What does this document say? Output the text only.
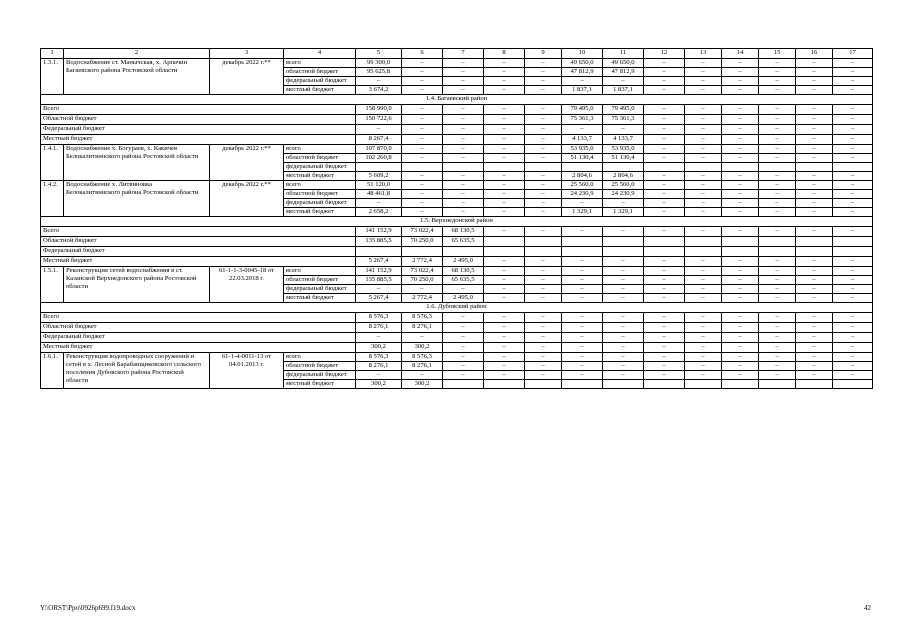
1	2	3	4	5	6	7	8	9	10	11	12	13	14	15	16	17
1.3.1.	Водоснабжение ст. Манычская, х. Арпачин Багаевского района Ростовской области	декабрь 2022 г.**	всего	99 300,0	–	–	–	–	49 650,0	49 650,0	–	–	–	–	–	–
			областной бюджет	95 625,8	–	–	–	–	47 812,9	47 812,9	–	–	–	–	–	–
			федеральный бюджет	–	–	–	–	–	–	–	–	–	–	–	–	–
			местный бюджет	3 674,2	–	–	–	–	1 837,1	1 837,1	–	–	–	–	–	–
1.4. Багаевский район																
Всего				158 990,0	–	–	–	–	79 495,0	79 495,0	–	–	–	–	–	–
Областной бюджет				150 722,6	–	–	–	–	75 361,3	75 361,3	–	–	–	–	–	–
Федеральный бюджет				–	–	–	–	–	–	–	–	–	–	–	–	–
Местный бюджет				8 267,4	–	–	–	–	4 133,7	4 133,7	–	–	–	–	–	–
1.4.1.	Водоснабжение х. Богураев, х. Какичев Белокалитвинского района Ростовской области	декабрь 2022 г.**	всего	107 870,0	–	–	–	–	53 935,0	53 935,0	–	–	–	–	–	–
			областной бюджет	102 260,8	–	–	–	–	51 130,4	51 130,4	–	–	–	–	–	–
			федеральный бюджет													
			местный бюджет	5 609,2	–	–	–	–	2 804,6	2 804,6	–	–	–	–	–	–
1.4.2.	Водоснабжение х. Литвиновка Белокалитвинского района Ростовской области	декабрь 2022 г.**	всего	51 120,0	–	–	–	–	25 560,0	25 560,0	–	–	–	–	–	–
			областной бюджет	48 461,8	–	–	–	–	24 230,9	24 230,9	–	–	–	–	–	–
			федеральный бюджет	–	–	–	–	–	–	–	–	–	–	–	–	–
			местный бюджет	2 658,2	–	–	–	–	1 329,1	1 329,1	–	–	–	–	–	–
1.5. Верхнедонской район																
Всего				141 152,9	73 022,4	68 130,5	–	–	–	–	–	–	–	–	–	–
Областной бюджет				135 885,5	70 250,0	65 635,5										
Федеральный бюджет																
Местный бюджет				5 267,4	2 772,4	2 495,0	–	–	–	–	–	–	–	–	–	–
1.5.1.	Реконструкция сетей водоснабжения в ст. Казанской Верхнедонского района Ростовской области	61-1-1-3-0045-18 от 22.03.2018 г.	всего	141 152,9	73 022,4	68 130,5	–	–	–	–	–	–	–	–	–	–
			областной бюджет	135 885,5	70 250,0	65 635,5	–	–	–	–	–	–	–	–	–	–
			федеральный бюджет	–	–	–	–	–	–	–	–	–	–	–	–	–
			местный бюджет	5 267,4	2 772,4	2 495,0	–	–	–	–	–	–	–	–	–	–
1.6. Дубовский район																
Всего				8 576,3	8 576,3	–	–	–	–	–	–	–	–	–	–	–
Областной бюджет				8 276,1	8 276,1	–	–	–	–	–	–	–	–	–	–	–
Федеральный бюджет				–	–	–	–	–	–	–	–	–	–	–	–	–
Местный бюджет				300,2	300,2	–	–	–	–	–	–	–	–	–	–	–
1.6.1.	Реконструкция водопроводных сооружений и сетей в х. Лесной Барабанщиковского сельского поселения Дубовского района Ростовской области	61-1-4-0011-13 от 04.01.2013 г.	всего	8 576,3	8 576,3	–	–	–	–	–	–	–	–	–	–	–
			областной бюджет	8 276,1	8 276,1	–	–	–	–	–	–	–	–	–	–	–
			федеральный бюджет	–	–	–	–	–	–	–	–	–	–	–	–	–
			местный бюджет	300,2	300,2											
Y:\ORST\Ppo\0926p699.f19.docx	42
